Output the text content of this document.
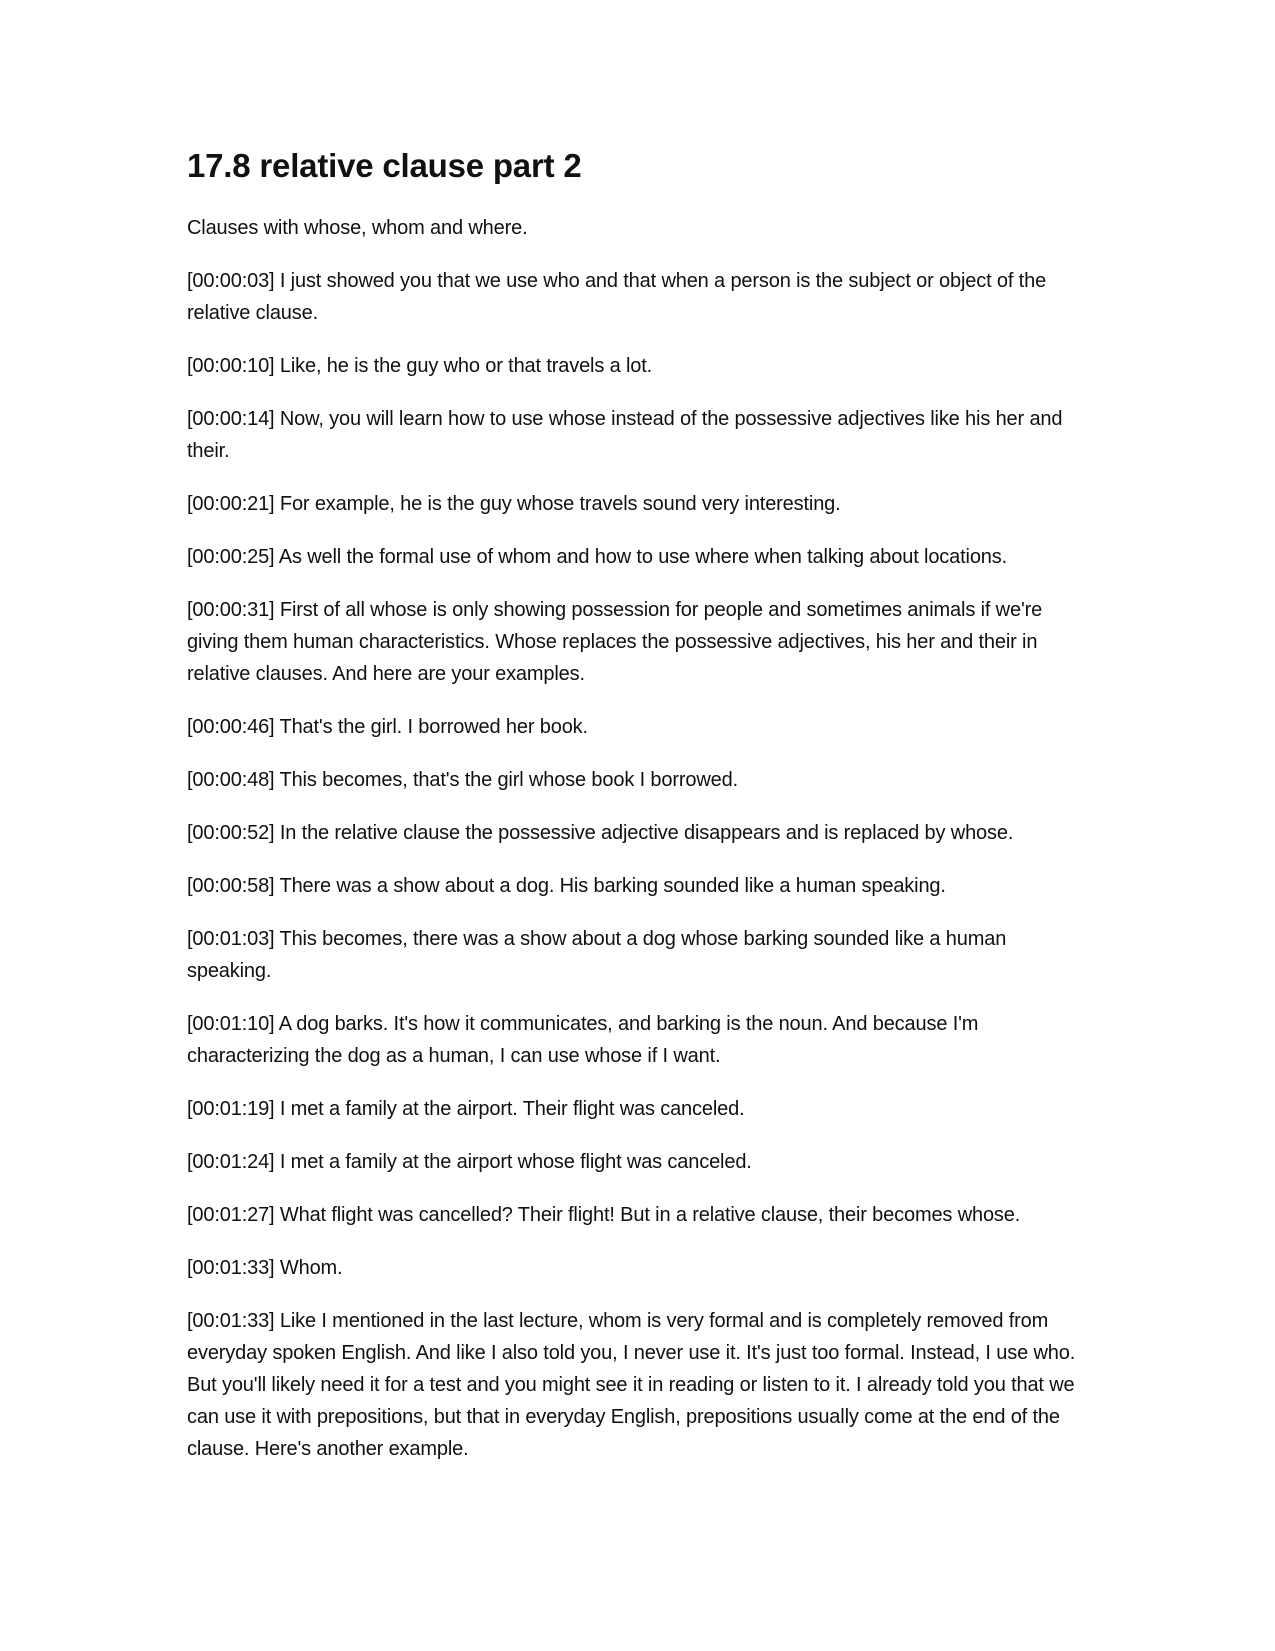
17.8 relative clause part 2

Clauses with whose, whom and where.

[00:00:03] I just showed you that we use who and that when a person is the subject or object of the relative clause.

[00:00:10] Like, he is the guy who or that travels a lot.

[00:00:14] Now, you will learn how to use whose instead of the possessive adjectives like his her and their.

[00:00:21] For example, he is the guy whose travels sound very interesting.

[00:00:25] As well the formal use of whom and how to use where when talking about locations.

[00:00:31] First of all whose is only showing possession for people and sometimes animals if we're giving them human characteristics. Whose replaces the possessive adjectives, his her and their in relative clauses. And here are your examples.

[00:00:46] That's the girl. I borrowed her book.

[00:00:48] This becomes, that's the girl whose book I borrowed.

[00:00:52] In the relative clause the possessive adjective disappears and is replaced by whose.

[00:00:58] There was a show about a dog. His barking sounded like a human speaking.

[00:01:03] This becomes, there was a show about a dog whose barking sounded like a human speaking.

[00:01:10] A dog barks. It's how it communicates, and barking is the noun. And because I'm characterizing the dog as a human, I can use whose if I want.

[00:01:19] I met a family at the airport. Their flight was canceled.

[00:01:24] I met a family at the airport whose flight was canceled.

[00:01:27] What flight was cancelled? Their flight! But in a relative clause, their becomes whose.

[00:01:33] Whom.

[00:01:33] Like I mentioned in the last lecture, whom is very formal and is completely removed from everyday spoken English. And like I also told you, I never use it. It's just too formal. Instead, I use who. But you'll likely need it for a test and you might see it in reading or listen to it. I already told you that we can use it with prepositions, but that in everyday English, prepositions usually come at the end of the clause. Here's another example.
